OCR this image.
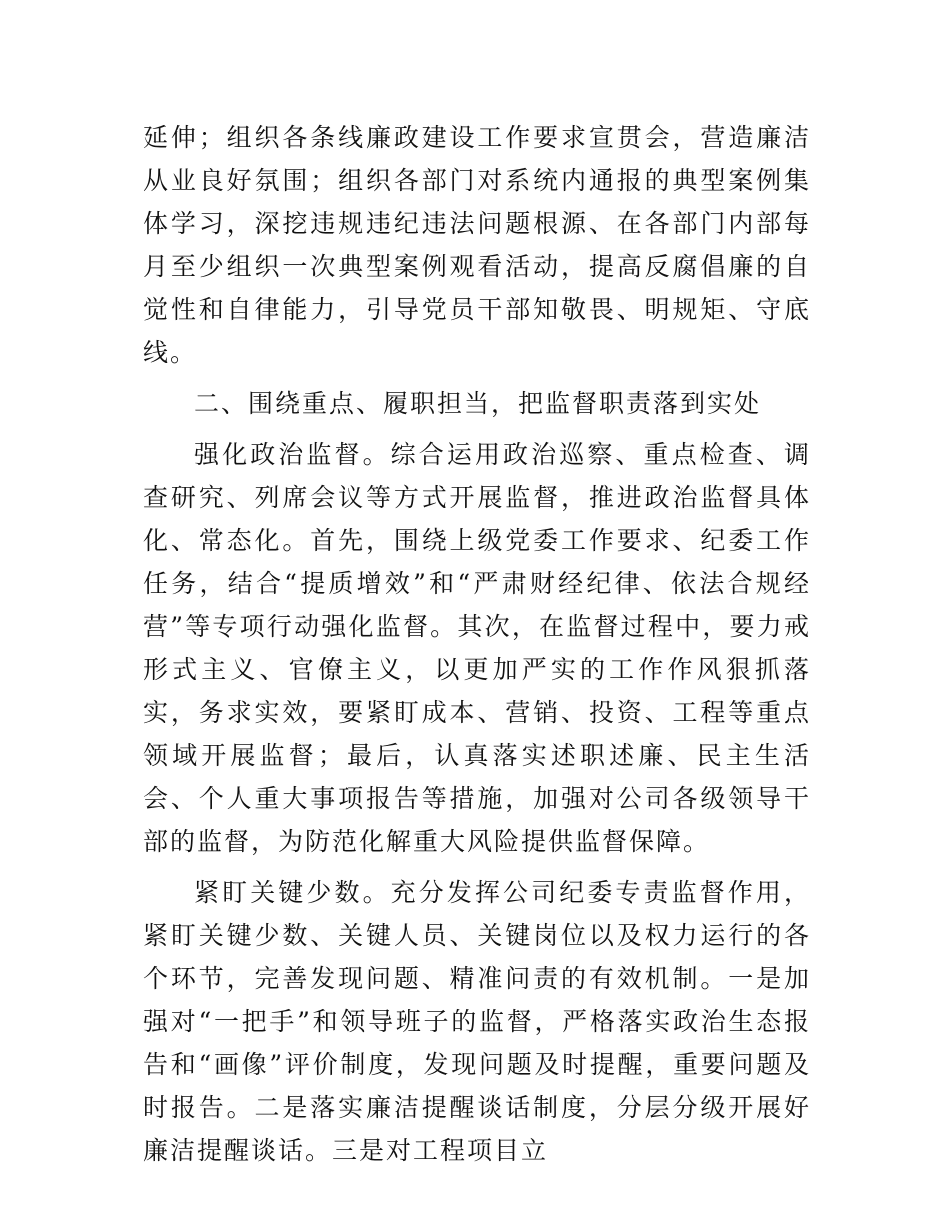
延伸；组织各条线廉政建设工作要求宣贯会，营造廉洁从业良好氛围；组织各部门对系统内通报的典型案例集体学习，深挖违规违纪违法问题根源、在各部门内部每月至少组织一次典型案例观看活动，提高反腐倡廉的自觉性和自律能力，引导党员干部知敬畏、明规矩、守底线。

二、围绕重点、履职担当，把监督职责落到实处

强化政治监督。综合运用政治巡察、重点检查、调查研究、列席会议等方式开展监督，推进政治监督具体化、常态化。首先，围绕上级党委工作要求、纪委工作任务，结合“提质增效”和“严肃财经纪律、依法合规经营”等专项行动强化监督。其次，在监督过程中，要力戒形式主义、官僚主义，以更加严实的工作作风狠抓落实，务求实效，要紧盯成本、营销、投资、工程等重点领域开展监督；最后，认真落实述职述廉、民主生活会、个人重大事项报告等措施，加强对公司各级领导干部的监督，为防范化解重大风险提供监督保障。

紧盯关键少数。充分发挥公司纪委专责监督作用，紧盯关键少数、关键人员、关键岗位以及权力运行的各个环节，完善发现问题、精准问责的有效机制。一是加强对“一把手”和领导班子的监督，严格落实政治生态报告和“画像”评价制度，发现问题及时提醒，重要问题及时报告。二是落实廉洁提醒谈话制度，分层分级开展好廉洁提醒谈话。三是对工程项目立
